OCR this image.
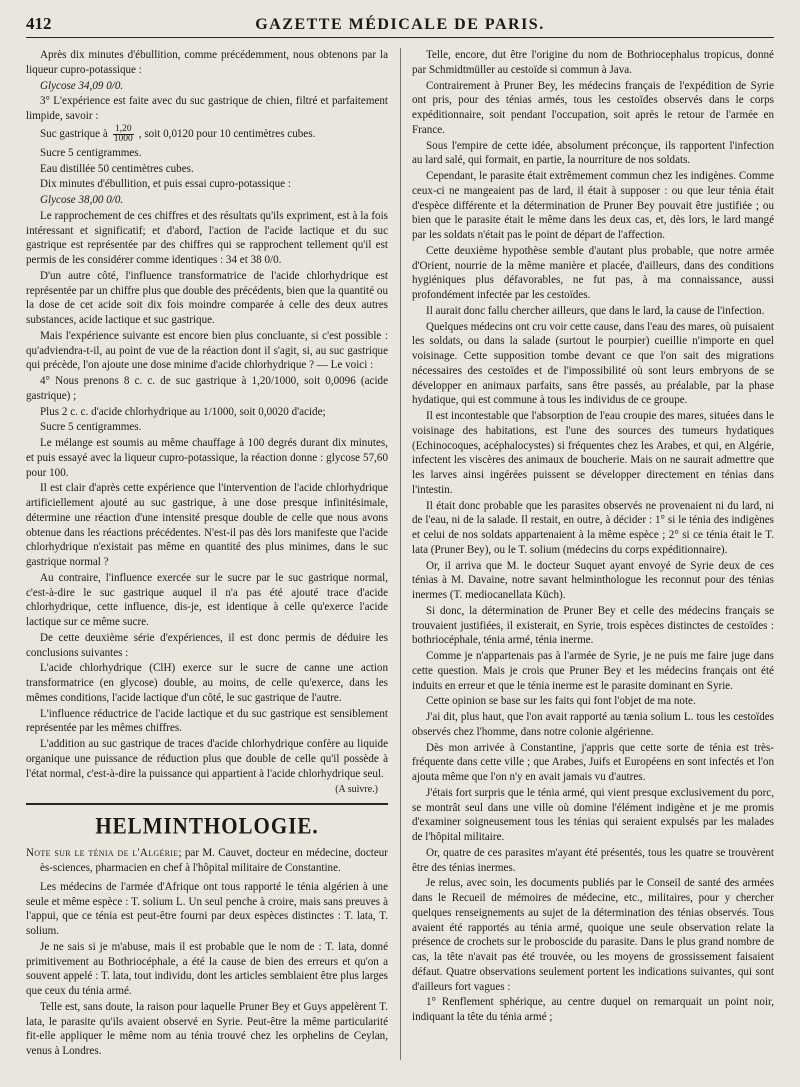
412	GAZETTE MÉDICALE DE PARIS.

Après dix minutes d'ébullition, comme précédemment, nous obtenons par la liqueur cupro-potassique :

Glycose 34,09 0/0.

3° L'expérience est faite avec du suc gastrique de chien, filtré et parfaitement limpide, savoir :

Suc gastrique à $\frac{1,20}{1000}$ , soit 0,0120 pour 10 centimètres cubes.

Sucre 5 centigrammes.

Eau distillée 50 centimètres cubes.

Dix minutes d'ébullition, et puis essai cupro-potassique :

Glycose 38,00 0/0.

Le rapprochement de ces chiffres et des résultats qu'ils expriment, est à la fois intéressant et significatif; et d'abord, l'action de l'acide lactique et du suc gastrique est représentée par des chiffres qui se rapprochent tellement qu'il est permis de les considérer comme identiques : 34 et 38 0/0.

D'un autre côté, l'influence transformatrice de l'acide chlorhydrique est représentée par un chiffre plus que double des précédents, bien que la quantité ou la dose de cet acide soit dix fois moindre comparée à celle des deux autres substances, acide lactique et suc gastrique.

Mais l'expérience suivante est encore bien plus concluante, si c'est possible : qu'adviendra-t-il, au point de vue de la réaction dont il s'agit, si, au suc gastrique qui précède, l'on ajoute une dose minime d'acide chlorhydrique ? — Le voici :

4° Nous prenons 8 c. c. de suc gastrique à 1,20/1000, soit 0,0096 (acide gastrique) ;

Plus 2 c. c. d'acide chlorhydrique au 1/1000, soit 0,0020 d'acide;

Sucre 5 centigrammes.

Le mélange est soumis au même chauffage à 100 degrés durant dix minutes, et puis essayé avec la liqueur cupro-potassique, la réaction donne : glycose 57,60 pour 100.

Il est clair d'après cette expérience que l'intervention de l'acide chlorhydrique artificiellement ajouté au suc gastrique, à une dose presque infinitésimale, détermine une réaction d'une intensité presque double de celle que nous avons obtenue dans les réactions précédentes. N'est-il pas dès lors manifeste que l'acide chlorhydrique n'existait pas même en quantité des plus minimes, dans le suc gastrique normal ?

Au contraire, l'influence exercée sur le sucre par le suc gastrique normal, c'est-à-dire le suc gastrique auquel il n'a pas été ajouté trace d'acide chlorhydrique, cette influence, dis-je, est identique à celle qu'exerce l'acide lactique sur ce même sucre.

De cette deuxième série d'expériences, il est donc permis de déduire les conclusions suivantes :

L'acide chlorhydrique (ClH) exerce sur le sucre de canne une action transformatrice (en glycose) double, au moins, de celle qu'exerce, dans les mêmes conditions, l'acide lactique d'un côté, le suc gastrique de l'autre.

L'influence réductrice de l'acide lactique et du suc gastrique est sensiblement représentée par les mêmes chiffres.

L'addition au suc gastrique de traces d'acide chlorhydrique confère au liquide organique une puissance de réduction plus que double de celle qu'il possède à l'état normal, c'est-à-dire la puissance qui appartient à l'acide chlorhydrique seul.

(A suivre.)
HELMINTHOLOGIE.
Note sur le ténia de l'Algérie; par M. Cauvet, docteur en médecine, docteur ès-sciences, pharmacien en chef à l'hôpital militaire de Constantine.

Les médecins de l'armée d'Afrique ont tous rapporté le ténia algérien à une seule et même espèce : T. solium L. Un seul penche à croire, mais sans preuves à l'appui, que ce ténia est peut-être fourni par deux espèces distinctes : T. lata, T. solium.

Je ne sais si je m'abuse, mais il est probable que le nom de : T. lata, donné primitivement au Bothriocéphale, a été la cause de bien des erreurs et qu'on a souvent appelé : T. lata, tout individu, dont les articles semblaient être plus larges que ceux du ténia armé.

Telle est, sans doute, la raison pour laquelle Pruner Bey et Guys appelèrent T. lata, le parasite qu'ils avaient observé en Syrie. Peut-être la même particularité fit-elle appliquer le même nom au ténia trouvé chez les orphelins de Ceylan, venus à Londres.

Telle, encore, dut être l'origine du nom de Bothriocephalus tropicus, donné par Schmidtmüller au cestoïde si commun à Java.

Contrairement à Pruner Bey, les médecins français de l'expédition de Syrie ont pris, pour des ténias armés, tous les cestoïdes observés dans le corps expéditionnaire, soit pendant l'occupation, soit après le retour de l'armée en France.

Sous l'empire de cette idée, absolument préconçue, ils rapportent l'infection au lard salé, qui formait, en partie, la nourriture de nos soldats.

Cependant, le parasite était extrêmement commun chez les indigènes. Comme ceux-ci ne mangeaient pas de lard, il était à supposer : ou que leur ténia était d'espèce différente et la détermination de Pruner Bey pouvait être justifiée ; ou bien que le parasite était le même dans les deux cas, et, dès lors, le lard mangé par les soldats n'était pas le point de départ de l'affection.

Cette deuxième hypothèse semble d'autant plus probable, que notre armée d'Orient, nourrie de la même manière et placée, d'ailleurs, dans des conditions hygiéniques plus défavorables, ne fut pas, à ma connaissance, aussi profondément infectée par les cestoïdes.

Il aurait donc fallu chercher ailleurs, que dans le lard, la cause de l'infection.

Quelques médecins ont cru voir cette cause, dans l'eau des mares, où puisaient les soldats, ou dans la salade (surtout le pourpier) cueillie n'importe en quel voisinage. Cette supposition tombe devant ce que l'on sait des migrations nécessaires des cestoïdes et de l'impossibilité où sont leurs embryons de se développer en animaux parfaits, sans être passés, au préalable, par la phase hydatique, qui est commune à tous les individus de ce groupe.

Il est incontestable que l'absorption de l'eau croupie des mares, situées dans le voisinage des habitations, est l'une des sources des tumeurs hydatiques (Echinocoques, acéphalocystes) si fréquentes chez les Arabes, et qui, en Algérie, infectent les viscères des animaux de boucherie. Mais on ne saurait admettre que les larves ainsi ingérées puissent se développer directement en ténias dans l'intestin.

Il était donc probable que les parasites observés ne provenaient ni du lard, ni de l'eau, ni de la salade. Il restait, en outre, à décider : 1° si le ténia des indigènes et celui de nos soldats appartenaient à la même espèce ; 2° si ce ténia était le T. lata (Pruner Bey), ou le T. solium (médecins du corps expéditionnaire).

Or, il arriva que M. le docteur Suquet ayant envoyé de Syrie deux de ces ténias à M. Davaine, notre savant helminthologue les reconnut pour des ténias inermes (T. mediocanellata Küch).

Si donc, la détermination de Pruner Bey et celle des médecins français se trouvaient justifiées, il existerait, en Syrie, trois espèces distinctes de cestoïdes : bothriocéphale, ténia armé, ténia inerme.

Comme je n'appartenais pas à l'armée de Syrie, je ne puis me faire juge dans cette question. Mais je crois que Pruner Bey et les médecins français ont été induits en erreur et que le ténia inerme est le parasite dominant en Syrie.

Cette opinion se base sur les faits qui font l'objet de ma note.

J'ai dit, plus haut, que l'on avait rapporté au tænia solium L. tous les cestoïdes observés chez l'homme, dans notre colonie algérienne.

Dès mon arrivée à Constantine, j'appris que cette sorte de ténia est très-fréquente dans cette ville ; que Arabes, Juifs et Européens en sont infectés et l'on ajouta même que l'on n'y en avait jamais vu d'autres.

J'étais fort surpris que le ténia armé, qui vient presque exclusivement du porc, se montrât seul dans une ville où domine l'élément indigène et je me promis d'examiner soigneusement tous les ténias qui seraient expulsés par les malades de l'hôpital militaire.

Or, quatre de ces parasites m'ayant été présentés, tous les quatre se trouvèrent être des ténias inermes.

Je relus, avec soin, les documents publiés par le Conseil de santé des armées dans le Recueil de mémoires de médecine, etc., militaires, pour y chercher quelques renseignements au sujet de la détermination des ténias observés. Tous avaient été rapportés au ténia armé, quoique une seule observation relate la présence de crochets sur le proboscide du parasite. Dans le plus grand nombre de cas, la tête n'avait pas été trouvée, ou les moyens de grossissement faisaient défaut. Quatre observations seulement portent les indications suivantes, qui sont d'ailleurs fort vagues :

1° Renflement sphérique, au centre duquel on remarquait un point noir, indiquant la tête du ténia armé ;
